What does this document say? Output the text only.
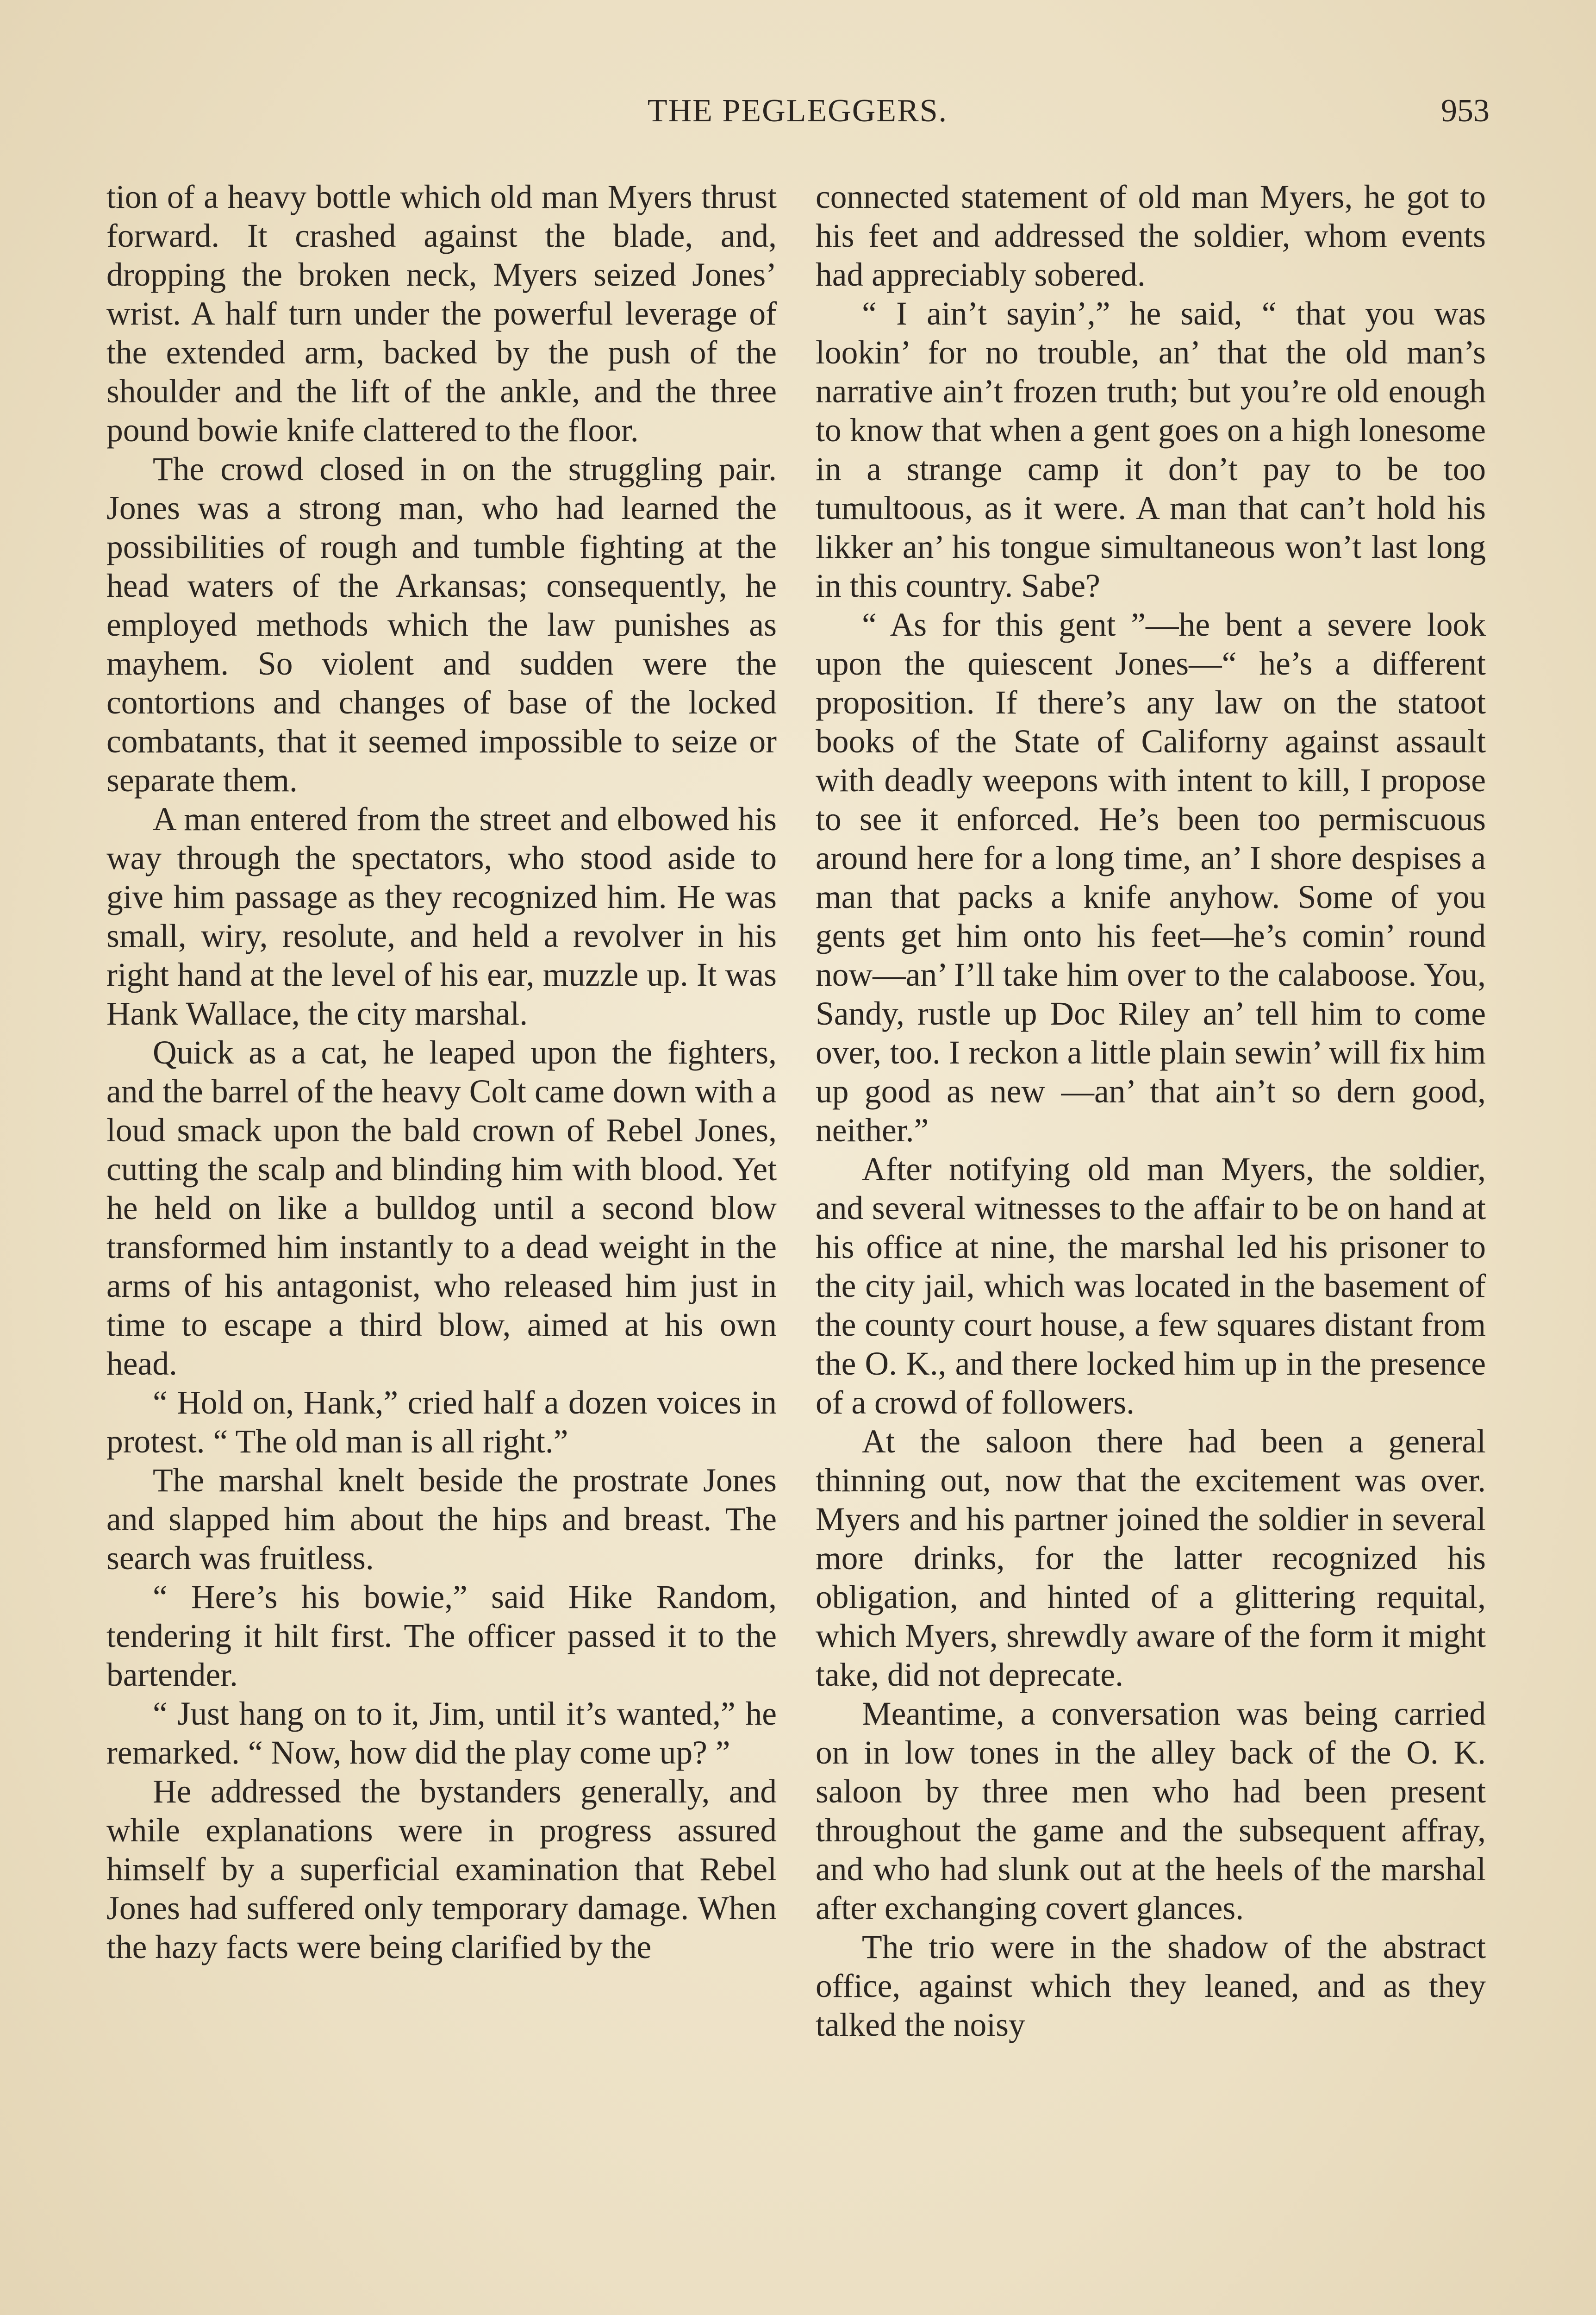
THE PEGLEGGERS.	953

tion of a heavy bottle which old man Myers thrust forward. It crashed against the blade, and, dropping the broken neck, Myers seized Jones’ wrist. A half turn under the powerful leverage of the extended arm, backed by the push of the shoulder and the lift of the ankle, and the three pound bowie knife clattered to the floor.

The crowd closed in on the struggling pair. Jones was a strong man, who had learned the possibilities of rough and tumble fighting at the head waters of the Arkansas; consequently, he employed methods which the law punishes as mayhem. So violent and sudden were the contortions and changes of base of the locked combatants, that it seemed impossible to seize or separate them.

A man entered from the street and elbowed his way through the spectators, who stood aside to give him passage as they recognized him. He was small, wiry, resolute, and held a revolver in his right hand at the level of his ear, muzzle up. It was Hank Wallace, the city marshal.

Quick as a cat, he leaped upon the fighters, and the barrel of the heavy Colt came down with a loud smack upon the bald crown of Rebel Jones, cutting the scalp and blinding him with blood. Yet he held on like a bulldog until a second blow transformed him instantly to a dead weight in the arms of his antagonist, who released him just in time to escape a third blow, aimed at his own head.

“ Hold on, Hank,” cried half a dozen voices in protest. “ The old man is all right.”

The marshal knelt beside the prostrate Jones and slapped him about the hips and breast. The search was fruitless.

“ Here’s his bowie,” said Hike Random, tendering it hilt first. The officer passed it to the bartender.

“ Just hang on to it, Jim, until it’s wanted,” he remarked. “ Now, how did the play come up? ”

He addressed the bystanders generally, and while explanations were in progress assured himself by a superficial examination that Rebel Jones had suffered only temporary damage. When the hazy facts were being clarified by the

connected statement of old man Myers, he got to his feet and addressed the soldier, whom events had appreciably sobered.

“ I ain’t sayin’,” he said, “ that you was lookin’ for no trouble, an’ that the old man’s narrative ain’t frozen truth; but you’re old enough to know that when a gent goes on a high lonesome in a strange camp it don’t pay to be too tumultoous, as it were. A man that can’t hold his likker an’ his tongue simultaneous won’t last long in this country. Sabe?

“ As for this gent ”—he bent a severe look upon the quiescent Jones—“ he’s a different proposition. If there’s any law on the statoot books of the State of Californy against assault with deadly weepons with intent to kill, I propose to see it enforced. He’s been too permiscuous around here for a long time, an’ I shore despises a man that packs a knife anyhow. Some of you gents get him onto his feet—he’s comin’ round now—an’ I’ll take him over to the calaboose. You, Sandy, rustle up Doc Riley an’ tell him to come over, too. I reckon a little plain sewin’ will fix him up good as new —an’ that ain’t so dern good, neither.”

After notifying old man Myers, the soldier, and several witnesses to the affair to be on hand at his office at nine, the marshal led his prisoner to the city jail, which was located in the basement of the county court house, a few squares distant from the O. K., and there locked him up in the presence of a crowd of followers.

At the saloon there had been a general thinning out, now that the excitement was over. Myers and his partner joined the soldier in several more drinks, for the latter recognized his obligation, and hinted of a glittering requital, which Myers, shrewdly aware of the form it might take, did not deprecate.

Meantime, a conversation was being carried on in low tones in the alley back of the O. K. saloon by three men who had been present throughout the game and the subsequent affray, and who had slunk out at the heels of the marshal after exchanging covert glances.

The trio were in the shadow of the abstract office, against which they leaned, and as they talked the noisy
